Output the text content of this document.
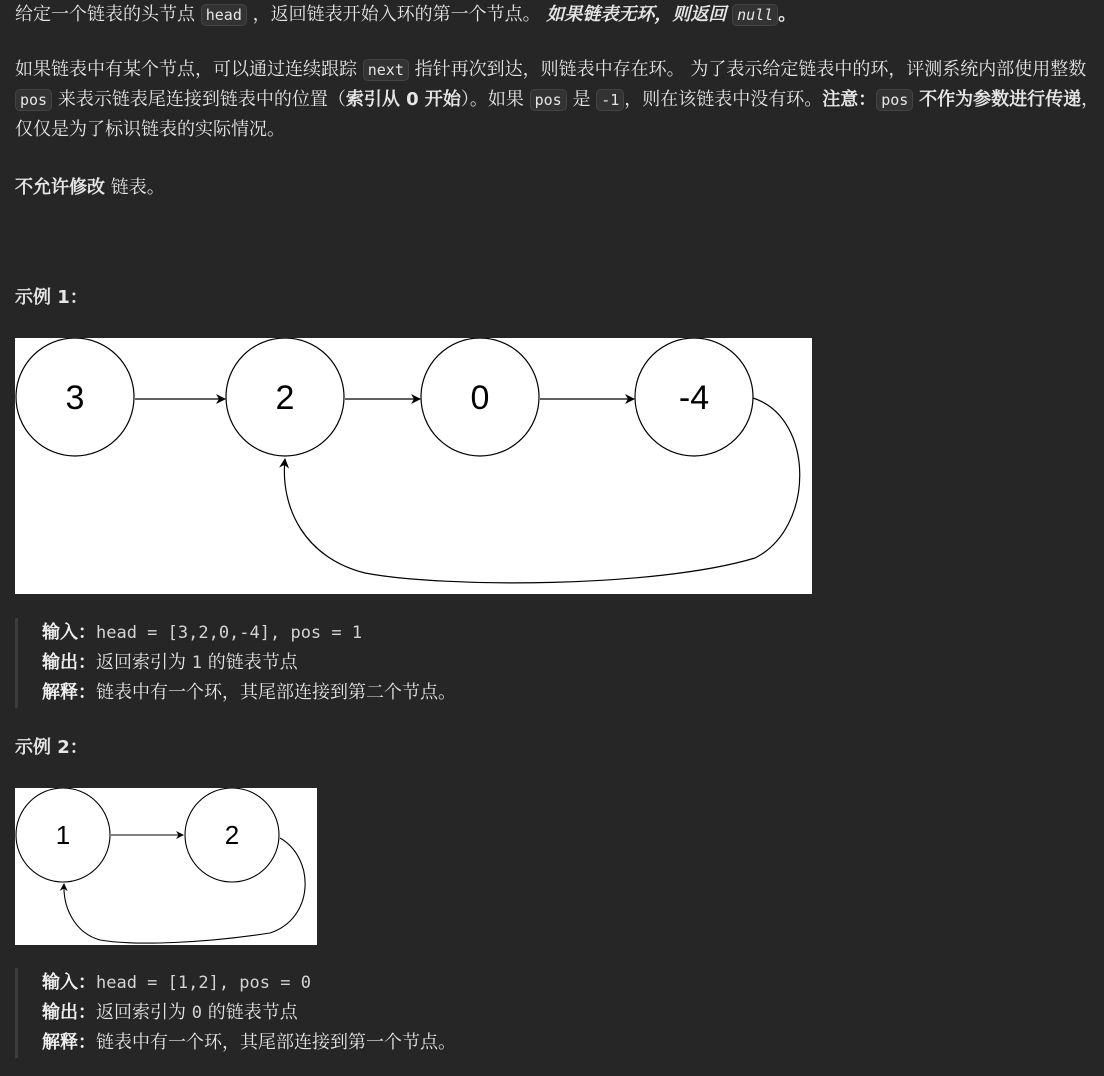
给定一个链表的头节点 head ，返回链表开始入环的第一个节点。 如果链表无环，则返回 null 。

如果链表中有某个节点，可以通过连续跟踪 next 指针再次到达，则链表中存在环。 为了表示给定链表中的环，评测系统内部使用整数 pos 来表示链表尾连接到链表中的位置（索引从 0 开始）。如果 pos 是 -1 ，则在该链表中没有环。注意： pos 不作为参数进行传递，仅仅是为了标识链表的实际情况。

不允许修改 链表。

示例 1：
3	2	0	-4
输入：head = [3,2,0,-4], pos = 1
输出：返回索引为 1 的链表节点
解释：链表中有一个环，其尾部连接到第二个节点。
示例 2：
1	2
输入：head = [1,2], pos = 0
输出：返回索引为 0 的链表节点
解释：链表中有一个环，其尾部连接到第一个节点。
